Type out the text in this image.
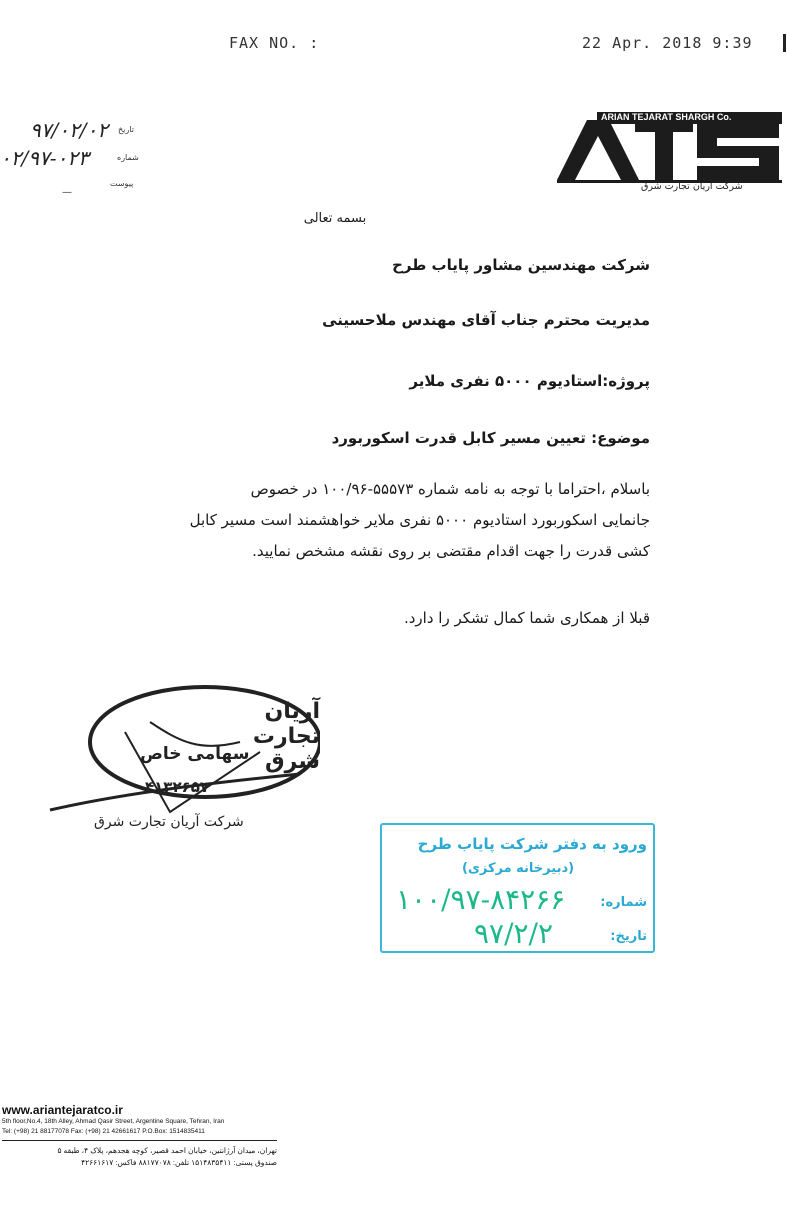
FAX NO. :	22 Apr. 2018 9:39
۹۷/۰۲/۰۲ تاریخ
۰۲/۹۷-۰۲۳	شماره
پیوست
—
ARIAN TEJARAT SHARGH Co.
شرکت آریان تجارت شرق
بسمه تعالی
شرکت مهندسین مشاور پایاب طرح
مدیریت محترم جناب آقای مهندس ملاحسینی
پروژه:استادیوم ۵۰۰۰ نفری ملایر
موضوع: تعیین مسیر کابل قدرت اسکوربورد
باسلام ،احتراما با توجه به نامه شماره ۵۵۵۷۳-۱۰۰/۹۶ در خصوص
جانمایی اسکوربورد استادیوم ۵۰۰۰ نفری ملایر خواهشمند است مسیر کابل
کشی قدرت را جهت اقدام مقتضی بر روی نقشه مشخص نمایید.
قبلا از همکاری شما کمال تشکر را دارد.
آریان تجارت شرق
سهامی خاص
۴۱۳۲۶۵۷
شرکت آریان تجارت شرق
ورود به دفتر شرکت پایاب طرح
(دبیرخانه مرکزی)
شماره:
۱۰۰/۹۷-۸۴۲۶۶
تاریخ:
۹۷/۲/۲
www.ariantejaratco.ir
5th floor,No.4, 18th Alley, Ahmad Qasir Street, Argentine Square, Tehran, Iran
Tel: (+98) 21 88177078 Fax: (+98) 21 42661617 P.O.Box: 1514835411
تهران، میدان آرژانتین، خیابان احمد قصیر، کوچه هجدهم، پلاک ۴، طبقه ۵
صندوق پستی: ۱۵۱۴۸۳۵۴۱۱ تلفن: ۸۸۱۷۷۰۷۸ فاکس: ۴۲۶۶۱۶۱۷
